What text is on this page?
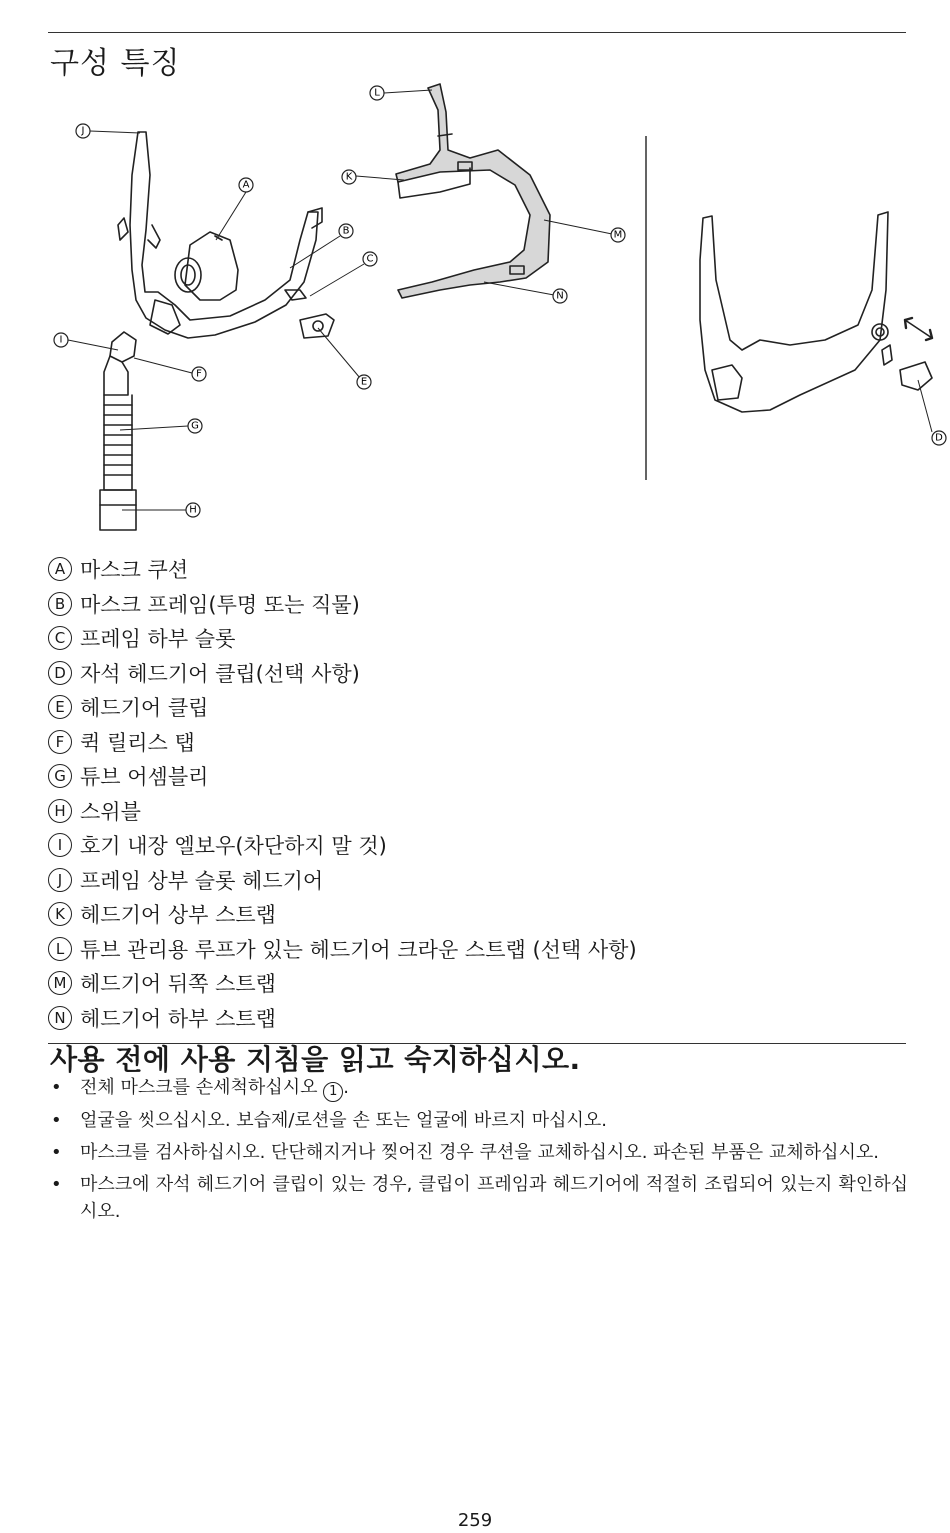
구성 특징
J
A
B
C
E
L
K
M
N
I
F
G
H
D
A 마스크 쿠션
B 마스크 프레임(투명 또는 직물)
C 프레임 하부 슬롯
D 자석 헤드기어 클립(선택 사항)
E 헤드기어 클립
F 퀵 릴리스 탭
G 튜브 어셈블리
H 스위블
I 호기 내장 엘보우(차단하지 말 것)
J 프레임 상부 슬롯 헤드기어
K 헤드기어 상부 스트랩
L 튜브 관리용 루프가 있는 헤드기어 크라운 스트랩 (선택 사항)
M 헤드기어 뒤쪽 스트랩
N 헤드기어 하부 스트랩
사용 전에 사용 지침을 읽고 숙지하십시오.
• 전체 마스크를 손세척하십시오 1 .
• 얼굴을 씻으십시오. 보습제/로션을 손 또는 얼굴에 바르지 마십시오.
• 마스크를 검사하십시오. 단단해지거나 찢어진 경우 쿠션을 교체하십시오. 파손된 부품은 교체하십시오.
• 마스크에 자석 헤드기어 클립이 있는 경우, 클립이 프레임과 헤드기어에 적절히 조립되어 있는지 확인하십시오.
259
